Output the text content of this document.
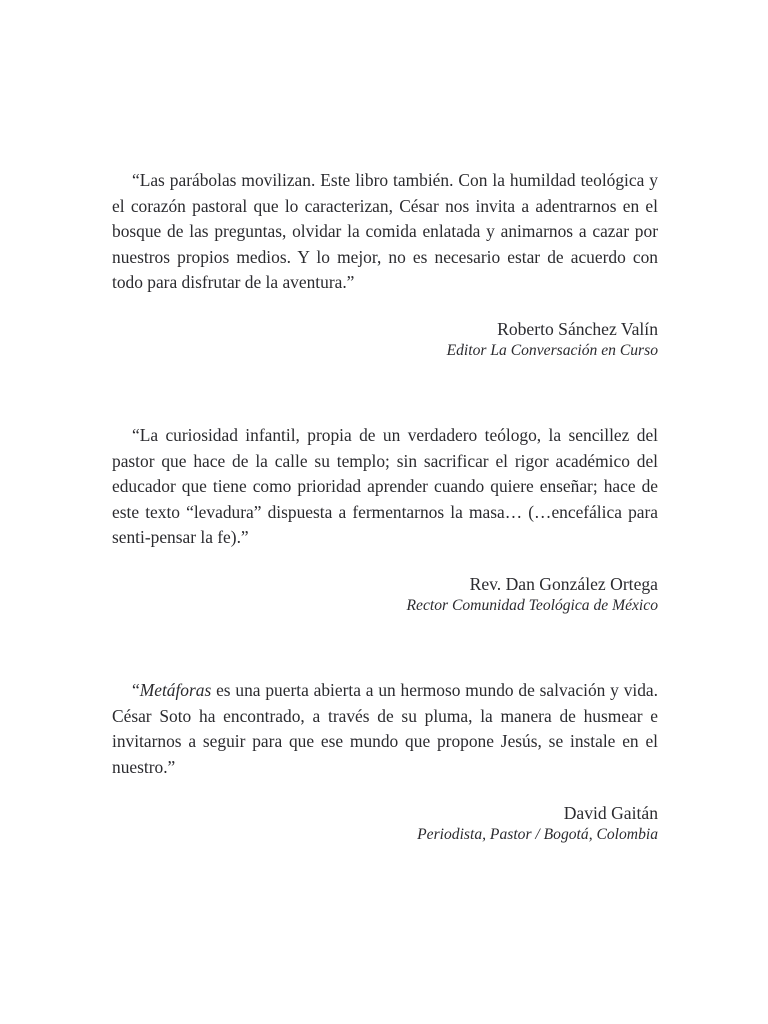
“Las parábolas movilizan. Este libro también. Con la humildad teológica y el corazón pastoral que lo caracterizan, César nos invita a adentrarnos en el bosque de las preguntas, olvidar la comida enlatada y animarnos a cazar por nuestros propios medios. Y lo mejor, no es necesario estar de acuerdo con todo para disfrutar de la aventura.”

Roberto Sánchez Valín
Editor La Conversación en Curso

“La curiosidad infantil, propia de un verdadero teólogo, la sencillez del pastor que hace de la calle su templo; sin sacrificar el rigor académico del educador que tiene como prioridad aprender cuando quiere enseñar; hace de este texto “levadura” dispuesta a fermentarnos la masa… (…encefálica para senti-pensar la fe).”

Rev. Dan González Ortega
Rector Comunidad Teológica de México

“Metáforas es una puerta abierta a un hermoso mundo de salvación y vida. César Soto ha encontrado, a través de su pluma, la manera de husmear e invitarnos a seguir para que ese mundo que propone Jesús, se instale en el nuestro.”

David Gaitán
Periodista, Pastor / Bogotá, Colombia
